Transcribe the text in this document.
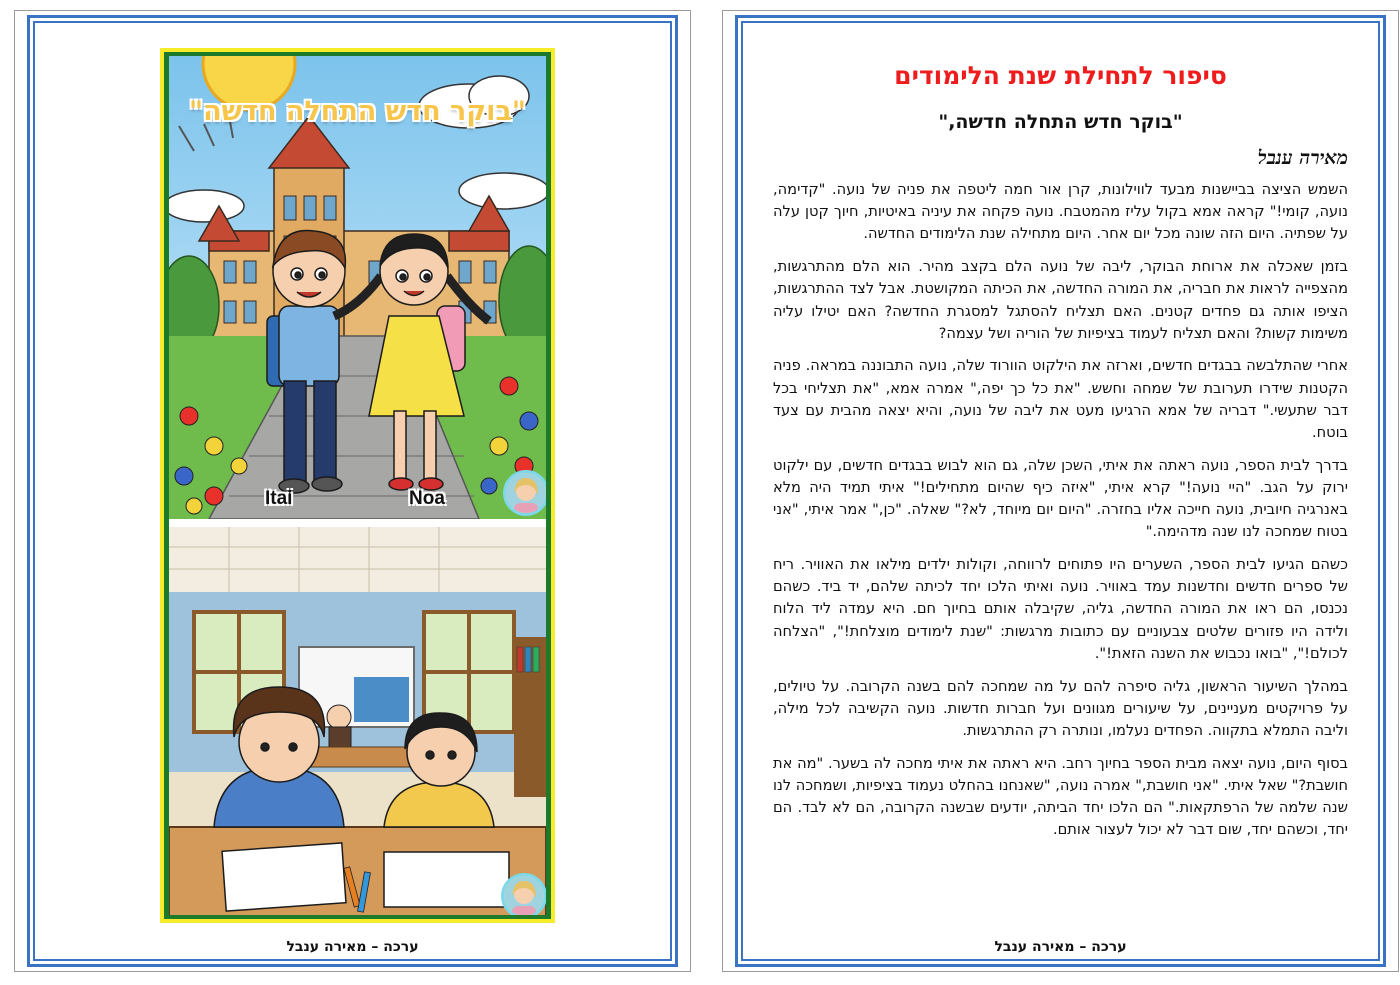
"בוקר חדש התחלה חדשה"
Itai	Noa
ערכה – מאירה ענבל
סיפור לתחילת שנת הלימודים
"בוקר חדש התחלה חדשה,"
מאירה ענבל

השמש הציצה בביישנות מבעד לווילונות, קרן אור חמה ליטפה את פניה של נועה. "קדימה, נועה, קומי!" קראה אמא בקול עליז מהמטבח. נועה פקחה את עיניה באיטיות, חיוך קטן עלה על שפתיה. היום הזה שונה מכל יום אחר. היום מתחילה שנת הלימודים החדשה.

בזמן שאכלה את ארוחת הבוקר, ליבה של נועה הלם בקצב מהיר. הוא הלם מהתרגשות, מהצפייה לראות את חבריה, את המורה החדשה, את הכיתה המקושטת. אבל לצד ההתרגשות, הציפו אותה גם פחדים קטנים. האם תצליח להסתגל למסגרת החדשה? האם יטילו עליה משימות קשות? והאם תצליח לעמוד בציפיות של הוריה ושל עצמה?

אחרי שהתלבשה בבגדים חדשים, וארזה את הילקוט הוורוד שלה, נועה התבוננה במראה. פניה הקטנות שידרו תערובת של שמחה וחשש. "את כל כך יפה," אמרה אמא, "את תצליחי בכל דבר שתעשי." דבריה של אמא הרגיעו מעט את ליבה של נועה, והיא יצאה מהבית עם צעד בוטח.

בדרך לבית הספר, נועה ראתה את איתי, השכן שלה, גם הוא לבוש בבגדים חדשים, עם ילקוט ירוק על הגב. "היי נועה!" קרא איתי, "איזה כיף שהיום מתחילים!" איתי תמיד היה מלא באנרגיה חיובית, נועה חייכה אליו בחזרה. "היום יום מיוחד, לא?" שאלה. "כן," אמר איתי, "אני בטוח שמחכה לנו שנה מדהימה."

כשהם הגיעו לבית הספר, השערים היו פתוחים לרווחה, וקולות ילדים מילאו את האוויר. ריח של ספרים חדשים וחדשנות עמד באוויר. נועה ואיתי הלכו יחד לכיתה שלהם, יד ביד. כשהם נכנסו, הם ראו את המורה החדשה, גליה, שקיבלה אותם בחיוך חם. היא עמדה ליד הלוח ולידה היו פזורים שלטים צבעוניים עם כתובות מרגשות: "שנת לימודים מוצלחת!", "הצלחה לכולם!", "בואו נכבוש את השנה הזאת!".

במהלך השיעור הראשון, גליה סיפרה להם על מה שמחכה להם בשנה הקרובה. על טיולים, על פרויקטים מעניינים, על שיעורים מגוונים ועל חברות חדשות. נועה הקשיבה לכל מילה, וליבה התמלא בתקווה. הפחדים נעלמו, ונותרה רק ההתרגשות.

בסוף היום, נועה יצאה מבית הספר בחיוך רחב. היא ראתה את איתי מחכה לה בשער. "מה את חושבת?" שאל איתי. "אני חושבת," אמרה נועה, "שאנחנו בהחלט נעמוד בציפיות, ושמחכה לנו שנה שלמה של הרפתקאות." הם הלכו יחד הביתה, יודעים שבשנה הקרובה, הם לא לבד. הם יחד, וכשהם יחד, שום דבר לא יכול לעצור אותם.

ערכה – מאירה ענבל
